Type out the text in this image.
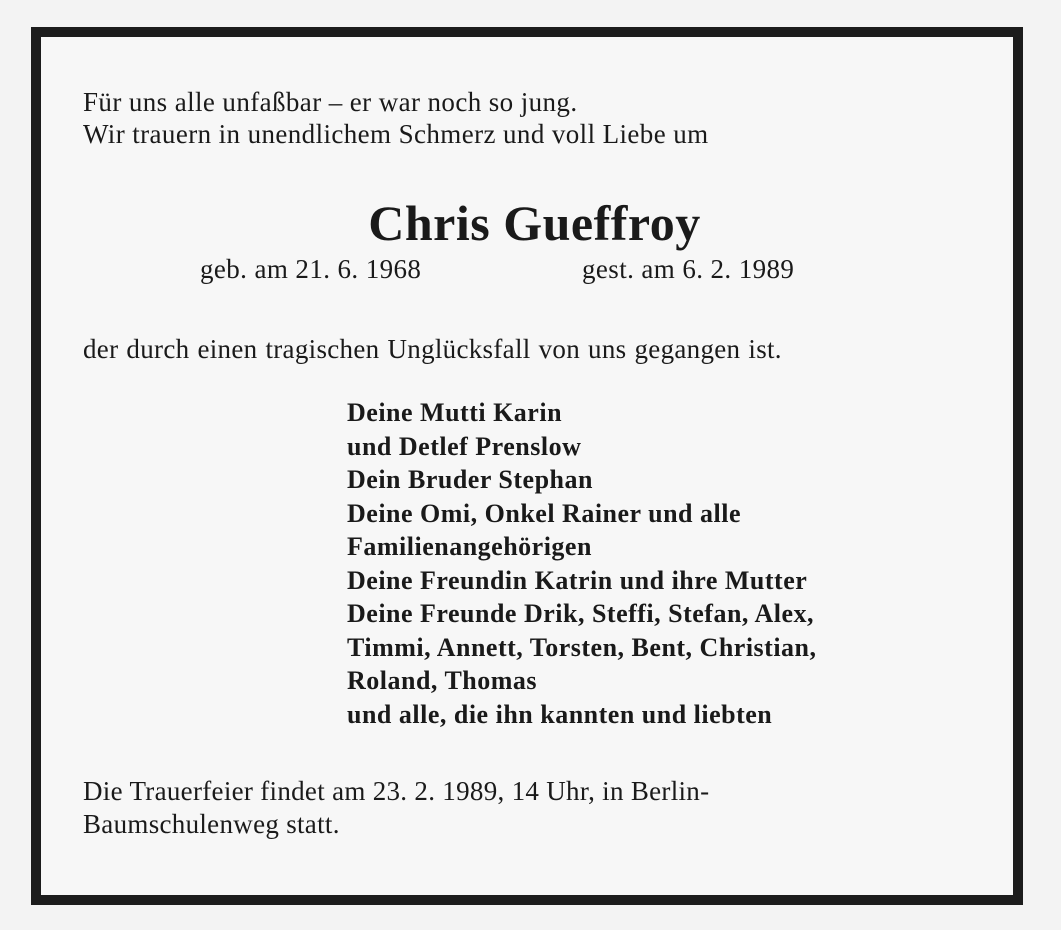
Für uns alle unfaßbar – er war noch so jung.
Wir trauern in unendlichem Schmerz und voll Liebe um
Chris Gueffroy
geb. am 21. 6. 1968	gest. am 6. 2. 1989
der durch einen tragischen Unglücksfall von uns gegangen ist.
Deine Mutti Karin
und Detlef Prenslow
Dein Bruder Stephan
Deine Omi, Onkel Rainer und alle
Familienangehörigen
Deine Freundin Katrin und ihre Mutter
Deine Freunde Drik, Steffi, Stefan, Alex,
Timmi, Annett, Torsten, Bent, Christian,
Roland, Thomas
und alle, die ihn kannten und liebten
Die Trauerfeier findet am 23. 2. 1989, 14 Uhr, in Berlin-
Baumschulenweg statt.
